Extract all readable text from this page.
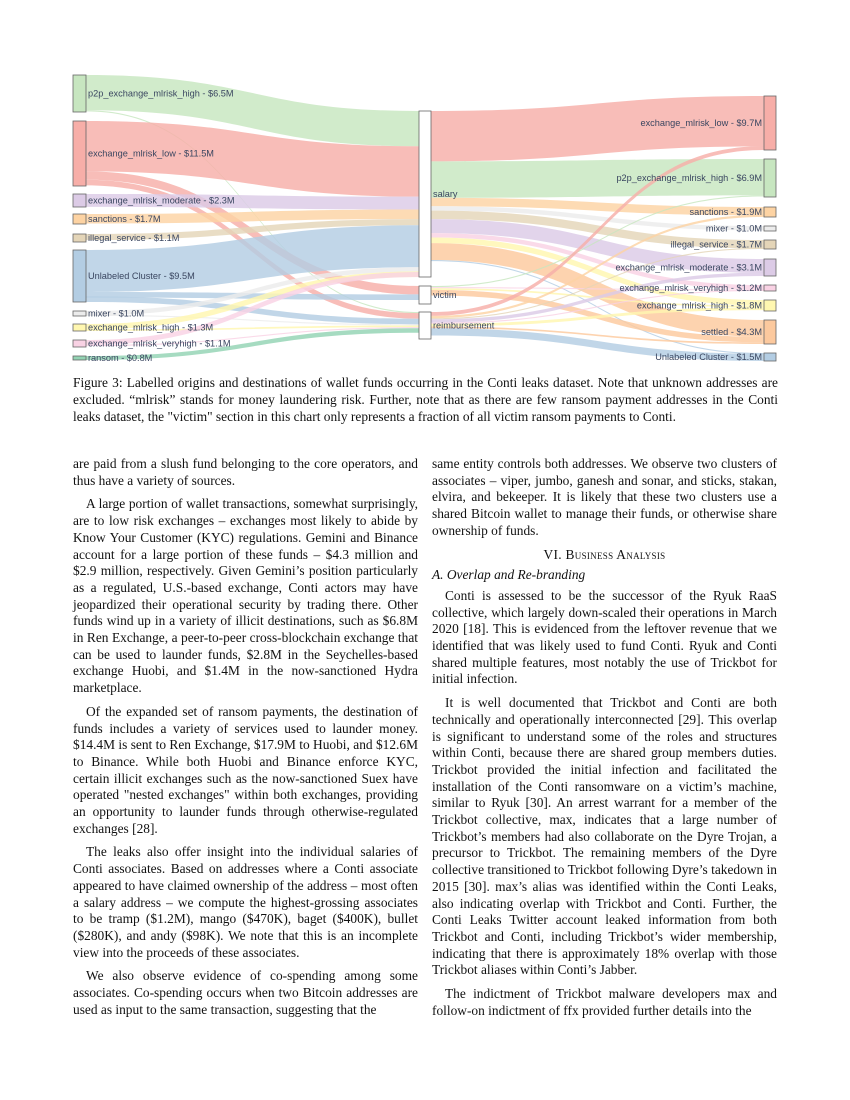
p2p_exchange_mlrisk_high - $6.5M
exchange_mlrisk_low - $11.5M
exchange_mlrisk_moderate - $2.3M
sanctions - $1.7M
illegal_service - $1.1M
Unlabeled Cluster - $9.5M
mixer - $1.0M
exchange_mlrisk_high - $1.3M
exchange_mlrisk_veryhigh - $1.1M
ransom - $0.8M
salary
victim
reimbursement
exchange_mlrisk_low - $9.7M
p2p_exchange_mlrisk_high - $6.9M
sanctions - $1.9M
mixer - $1.0M
illegal_service - $1.7M
exchange_mlrisk_moderate - $3.1M
exchange_mlrisk_veryhigh - $1.2M
exchange_mlrisk_high - $1.8M
settled - $4.3M
Unlabeled Cluster - $1.5M
Figure 3: Labelled origins and destinations of wallet funds occurring in the Conti leaks dataset. Note that unknown addresses are excluded. “mlrisk” stands for money laundering risk. Further, note that as there are few ransom payment addresses in the Conti leaks dataset, the "victim" section in this chart only represents a fraction of all victim ransom payments to Conti.

are paid from a slush fund belonging to the core operators, and thus have a variety of sources.

A large portion of wallet transactions, somewhat surprisingly, are to low risk exchanges – exchanges most likely to abide by Know Your Customer (KYC) regulations. Gemini and Binance account for a large portion of these funds – $4.3 million and $2.9 million, respectively. Given Gemini’s position particularly as a regulated, U.S.-based exchange, Conti actors may have jeopardized their operational security by trading there. Other funds wind up in a variety of illicit destinations, such as $6.8M in Ren Exchange, a peer-to-peer cross-blockchain exchange that can be used to launder funds, $2.8M in the Seychelles-based exchange Huobi, and $1.4M in the now-sanctioned Hydra marketplace.

Of the expanded set of ransom payments, the destination of funds includes a variety of services used to launder money. $14.4M is sent to Ren Exchange, $17.9M to Huobi, and $12.6M to Binance. While both Huobi and Binance enforce KYC, certain illicit exchanges such as the now-sanctioned Suex have operated "nested exchanges" within both exchanges, providing an opportunity to launder funds through otherwise-regulated exchanges [28].

The leaks also offer insight into the individual salaries of Conti associates. Based on addresses where a Conti associate appeared to have claimed ownership of the address – most often a salary address – we compute the highest-grossing associates to be tramp ($1.2M), mango ($470K), baget ($400K), bullet ($280K), and andy ($98K). We note that this is an incomplete view into the proceeds of these associates.

We also observe evidence of co-spending among some associates. Co-spending occurs when two Bitcoin addresses are used as input to the same transaction, suggesting that the

same entity controls both addresses. We observe two clusters of associates – viper, jumbo, ganesh and sonar, and sticks, stakan, elvira, and bekeeper. It is likely that these two clusters use a shared Bitcoin wallet to manage their funds, or otherwise share ownership of funds.

VI. Business Analysis
A. Overlap and Re-branding

Conti is assessed to be the successor of the Ryuk RaaS collective, which largely down-scaled their operations in March 2020 [18]. This is evidenced from the leftover revenue that we identified that was likely used to fund Conti. Ryuk and Conti shared multiple features, most notably the use of Trickbot for initial infection.

It is well documented that Trickbot and Conti are both technically and operationally interconnected [29]. This overlap is significant to understand some of the roles and structures within Conti, because there are shared group members duties. Trickbot provided the initial infection and facilitated the installation of the Conti ransomware on a victim’s machine, similar to Ryuk [30]. An arrest warrant for a member of the Trickbot collective, max, indicates that a large number of Trickbot’s members had also collaborate on the Dyre Trojan, a precursor to Trickbot. The remaining members of the Dyre collective transitioned to Trickbot following Dyre’s takedown in 2015 [30]. max’s alias was identified within the Conti Leaks, also indicating overlap with Trickbot and Conti. Further, the Conti Leaks Twitter account leaked information from both Trickbot and Conti, including Trickbot’s wider membership, indicating that there is approximately 18% overlap with those Trickbot aliases within Conti’s Jabber.

The indictment of Trickbot malware developers max and follow-on indictment of ffx provided further details into the
